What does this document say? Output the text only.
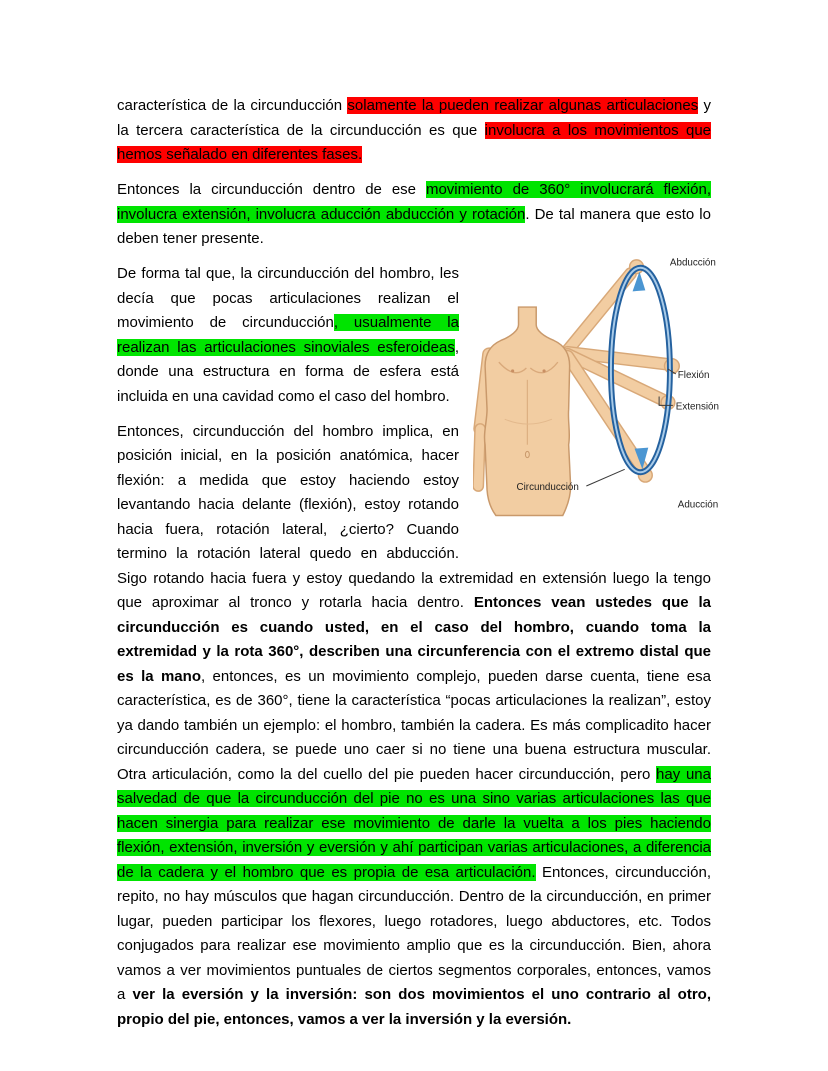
característica de la circunducción solamente la pueden realizar algunas articulaciones y la tercera característica de la circunducción es que involucra a los movimientos que hemos señalado en diferentes fases.

Entonces la circunducción dentro de ese movimiento de 360° involucrará flexión, involucra extensión, involucra aducción abducción y rotación. De tal manera que esto lo deben tener presente.

Abducción
Flexión
Extensión
Circunducción
Aducción

De forma tal que, la circunducción del hombro, les decía que pocas articulaciones realizan el movimiento de circunducción, usualmente la realizan las articulaciones sinoviales esferoideas, donde una estructura en forma de esfera está incluida en una cavidad como el caso del hombro.

Entonces, circunducción del hombro implica, en posición inicial, en la posición anatómica, hacer flexión: a medida que estoy haciendo estoy levantando hacia delante (flexión), estoy rotando hacia fuera, rotación lateral, ¿cierto? Cuando termino la rotación lateral quedo en abducción. Sigo rotando hacia fuera y estoy quedando la extremidad en extensión luego la tengo que aproximar al tronco y rotarla hacia dentro. Entonces vean ustedes que la circunducción es cuando usted, en el caso del hombro, cuando toma la extremidad y la rota 360°, describen una circunferencia con el extremo distal que es la mano, entonces, es un movimiento complejo, pueden darse cuenta, tiene esa característica, es de 360°, tiene la característica “pocas articulaciones la realizan”, estoy ya dando también un ejemplo: el hombro, también la cadera. Es más complicadito hacer circunducción cadera, se puede uno caer si no tiene una buena estructura muscular. Otra articulación, como la del cuello del pie pueden hacer circunducción, pero hay una salvedad de que la circunducción del pie no es una sino varias articulaciones las que hacen sinergia para realizar ese movimiento de darle la vuelta a los pies haciendo flexión, extensión, inversión y eversión y ahí participan varias articulaciones, a diferencia de la cadera y el hombro que es propia de esa articulación. Entonces, circunducción, repito, no hay músculos que hagan circunducción. Dentro de la circunducción, en primer lugar, pueden participar los flexores, luego rotadores, luego abductores, etc. Todos conjugados para realizar ese movimiento amplio que es la circunducción. Bien, ahora vamos a ver movimientos puntuales de ciertos segmentos corporales, entonces, vamos a ver la eversión y la inversión: son dos movimientos el uno contrario al otro, propio del pie, entonces, vamos a ver la inversión y la eversión.
